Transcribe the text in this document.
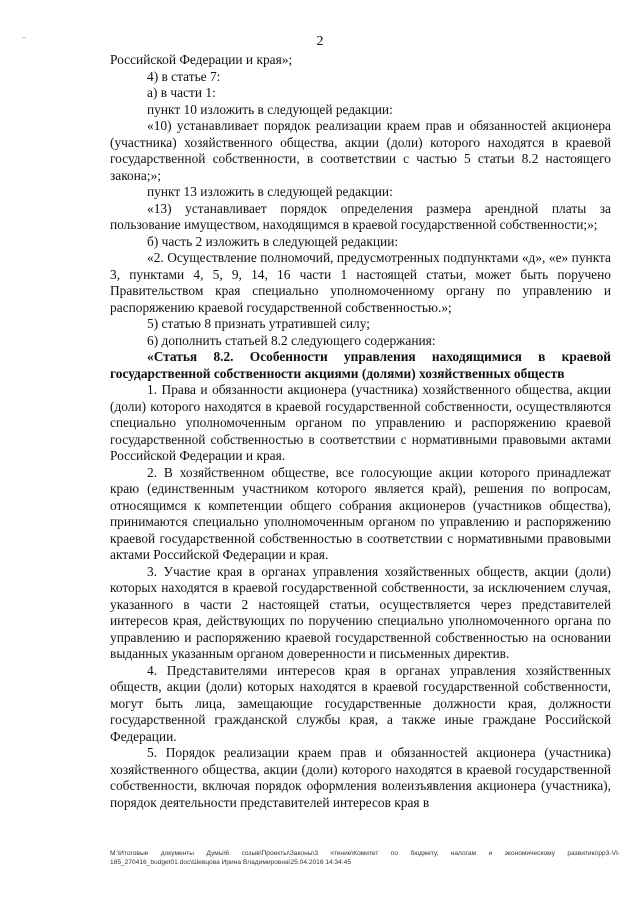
–	2

Российской Федерации и края»;

4) в статье 7:

а) в части 1:

пункт 10 изложить в следующей редакции:

«10) устанавливает порядок реализации краем прав и обязанностей акционера (участника) хозяйственного общества, акции (доли) которого находятся в краевой государственной собственности, в соответствии с частью 5 статьи 8.2 настоящего закона;»;

пункт 13 изложить в следующей редакции:

«13) устанавливает порядок определения размера арендной платы за пользование имуществом, находящимся в краевой государственной собственности;»;

б) часть 2 изложить в следующей редакции:

«2. Осуществление полномочий, предусмотренных подпунктами «д», «е» пункта 3, пунктами 4, 5, 9, 14, 16 части 1 настоящей статьи, может быть поручено Правительством края специально уполномоченному органу по управлению и распоряжению краевой государственной собственностью.»;

5) статью 8 признать утратившей силу;

6) дополнить статьей 8.2 следующего содержания:

«Статья 8.2. Особенности управления находящимися в краевой государственной собственности акциями (долями) хозяйственных обществ

1. Права и обязанности акционера (участника) хозяйственного общества, акции (доли) которого находятся в краевой государственной собственности, осуществляются специально уполномоченным органом по управлению и распоряжению краевой государственной собственностью в соответствии с нормативными правовыми актами Российской Федерации и края.

2. В хозяйственном обществе, все голосующие акции которого принадлежат краю (единственным участником которого является край), решения по вопросам, относящимся к компетенции общего собрания акционеров (участников общества), принимаются специально уполномоченным органом по управлению и распоряжению краевой государственной собственностью в соответствии с нормативными правовыми актами Российской Федерации и края.

3. Участие края в органах управления хозяйственных обществ, акции (доли) которых находятся в краевой государственной собственности, за исключением случая, указанного в части 2 настоящей статьи, осуществляется через представителей интересов края, действующих по поручению специально уполномоченного органа по управлению и распоряжению краевой государственной собственностью на основании выданных указанным органом доверенности и письменных директив.

4. Представителями интересов края в органах управления хозяйственных обществ, акции (доли) которых находятся в краевой государственной собственности, могут быть лица, замещающие государственные должности края, должности государственной гражданской службы края, а также иные граждане Российской Федерации.

5. Порядок реализации краем прав и обязанностей акционера (участника) хозяйственного общества, акции (доли) которого находятся в краевой государственной собственности, включая порядок оформления волеизъявления акционера (участника), порядок деятельности представителей интересов края в

M:\Итоговые документы Думы\6 созыв\Проекты\Законы\3 чтение\Комитет по бюджету, налогам и экономическому развитию\рр3-VI-185_270416_budget01.doc\Шевцова Ирина Владимировна\25.04.2016 14:34:45
